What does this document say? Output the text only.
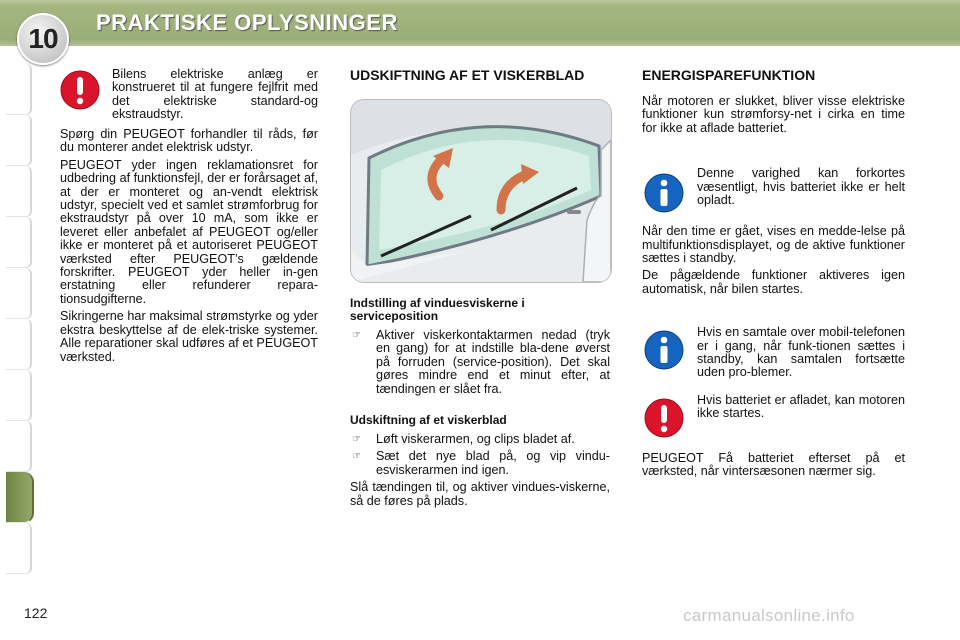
10
PRAKTISKE OPLYSNINGER

Bilens elektriske anlæg er konstrueret til at fungere fejlfrit med det elektriske standard-og ekstraudstyr.

Spørg din PEUGEOT forhandler til råds, før du monterer andet elektrisk udstyr.

PEUGEOT yder ingen reklamationsret for udbedring af funktionsfejl, der er forårsaget af, at der er monteret og an-vendt elektrisk udstyr, specielt ved et samlet strømforbrug for ekstraudstyr på over 10 mA, som ikke er leveret eller anbefalet af PEUGEOT og/eller ikke er monteret på et autoriseret PEUGEOT værksted efter PEUGEOT’s gældende forskrifter. PEUGEOT yder heller in-gen erstatning eller refunderer repara-tionsudgifterne.

Sikringerne har maksimal strømstyrke og yder ekstra beskyttelse af de elek-triske systemer. Alle reparationer skal udføres af et PEUGEOT værksted.

UDSKIFTNING AF ET VISKERBLAD
Indstilling af vinduesviskerne i serviceposition
☞	Aktiver viskerkontaktarmen nedad (tryk en gang) for at indstille bla-dene øverst på forruden (service-position). Det skal gøres mindre end et minut efter, at tændingen er slået fra.
Udskiftning af et viskerblad
☞	Løft viskerarmen, og clips bladet af.
☞	Sæt det nye blad på, og vip vindu-esviskerarmen ind igen.

Slå tændingen til, og aktiver vindues-viskerne, så de føres på plads.

ENERGISPAREFUNKTION

Når motoren er slukket, bliver visse elektriske funktioner kun strømforsy-net i cirka en time for ikke at aflade batteriet.

Denne varighed kan forkortes væsentligt, hvis batteriet ikke er helt opladt.

Når den time er gået, vises en medde-lelse på multifunktionsdisplayet, og de aktive funktioner sættes i standby.

De pågældende funktioner aktiveres igen automatisk, når bilen startes.

Hvis en samtale over mobil-telefonen er i gang, når funk-tionen sættes i standby, kan samtalen fortsætte uden pro-blemer.

Hvis batteriet er afladet, kan motoren ikke startes.

PEUGEOT Få batteriet efterset på et værksted, når vintersæsonen nærmer sig.

122	carmanualsonline.info
